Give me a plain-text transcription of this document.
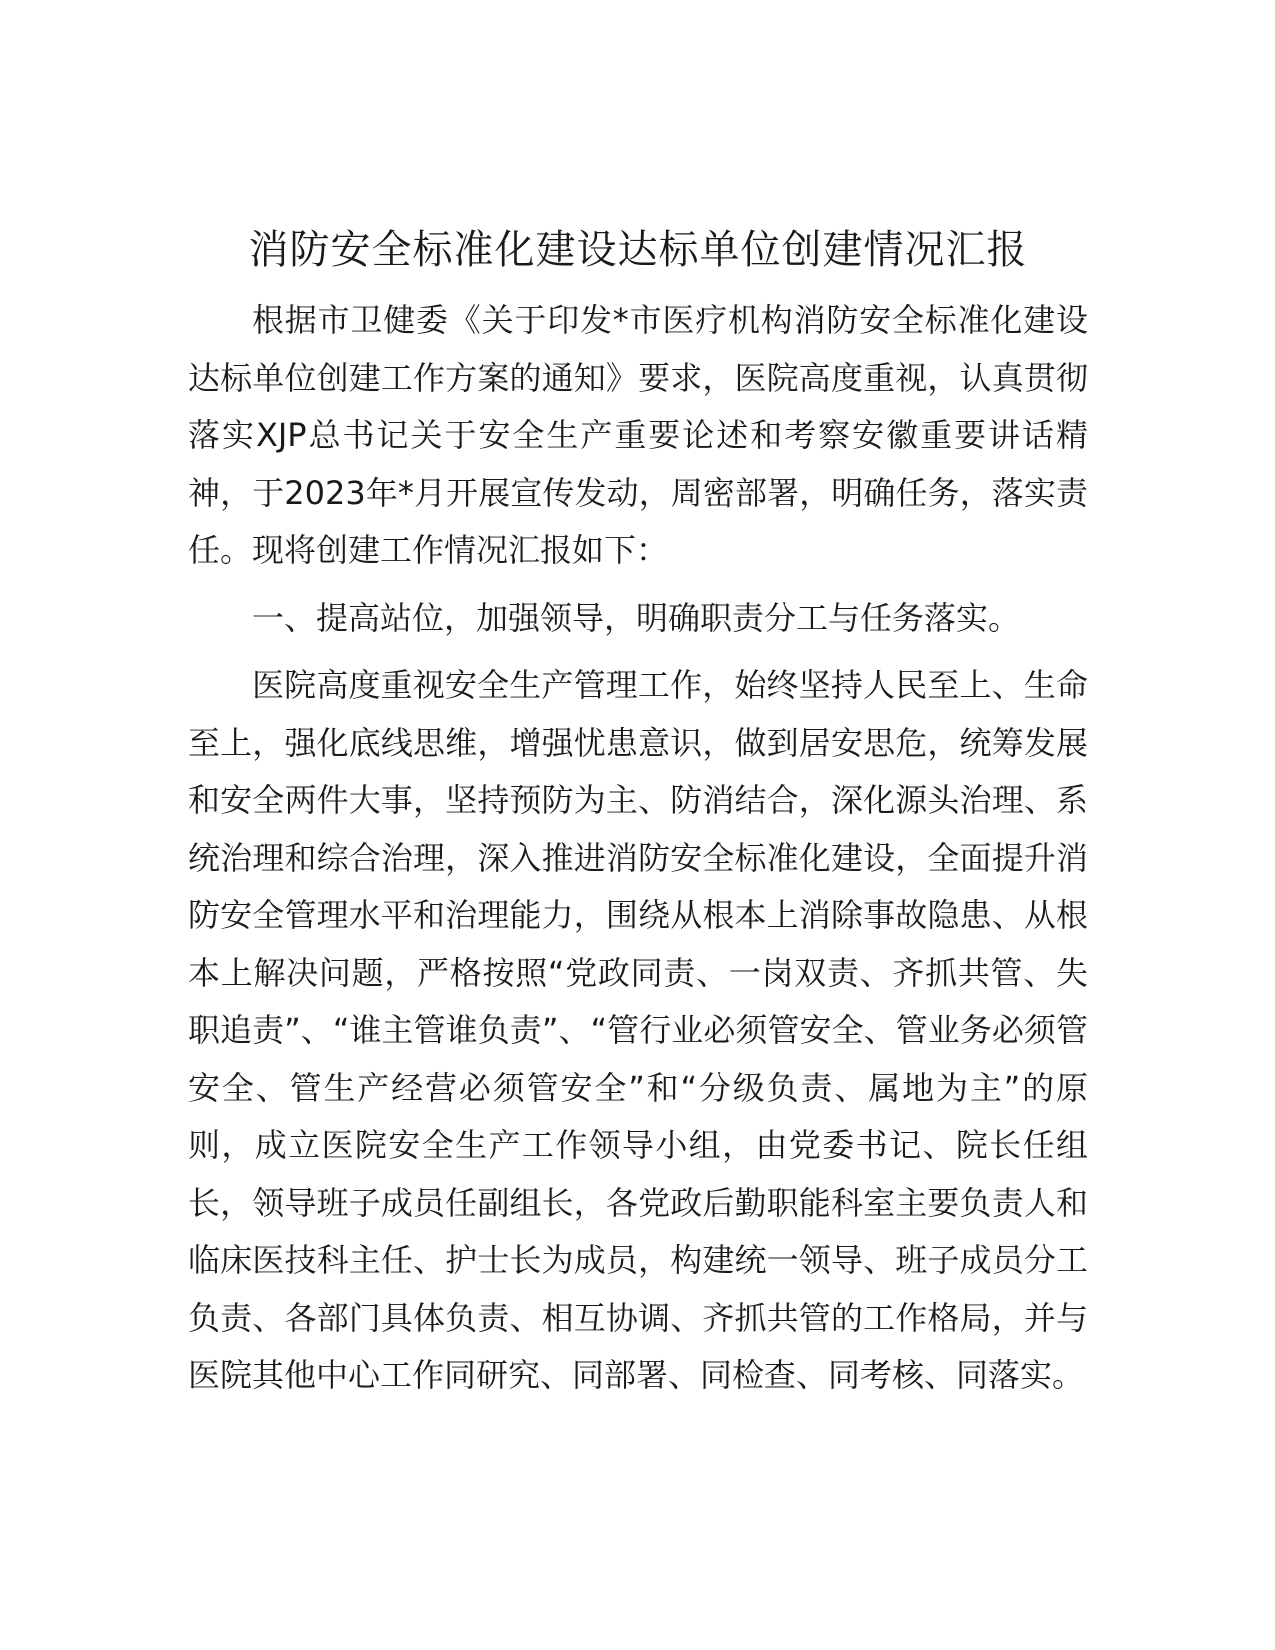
消防安全标准化建设达标单位创建情况汇报

根据市卫健委《关于印发*市医疗机构消防安全标准化建设达标单位创建工作方案的通知》要求，医院高度重视，认真贯彻落实XJP总书记关于安全生产重要论述和考察安徽重要讲话精神，于2023年*月开展宣传发动，周密部署，明确任务，落实责任。现将创建工作情况汇报如下：

一、提高站位，加强领导，明确职责分工与任务落实。

医院高度重视安全生产管理工作，始终坚持人民至上、生命至上，强化底线思维，增强忧患意识，做到居安思危，统筹发展和安全两件大事，坚持预防为主、防消结合，深化源头治理、系统治理和综合治理，深入推进消防安全标准化建设，全面提升消防安全管理水平和治理能力，围绕从根本上消除事故隐患、从根本上解决问题，严格按照“党政同责、一岗双责、齐抓共管、失职追责”、“谁主管谁负责”、“管行业必须管安全、管业务必须管安全、管生产经营必须管安全”和“分级负责、属地为主”的原则，成立医院安全生产工作领导小组，由党委书记、院长任组长，领导班子成员任副组长，各党政后勤职能科室主要负责人和临床医技科主任、护士长为成员，构建统一领导、班子成员分工负责、各部门具体负责、相互协调、齐抓共管的工作格局，并与医院其他中心工作同研究、同部署、同检查、同考核、同落实。
